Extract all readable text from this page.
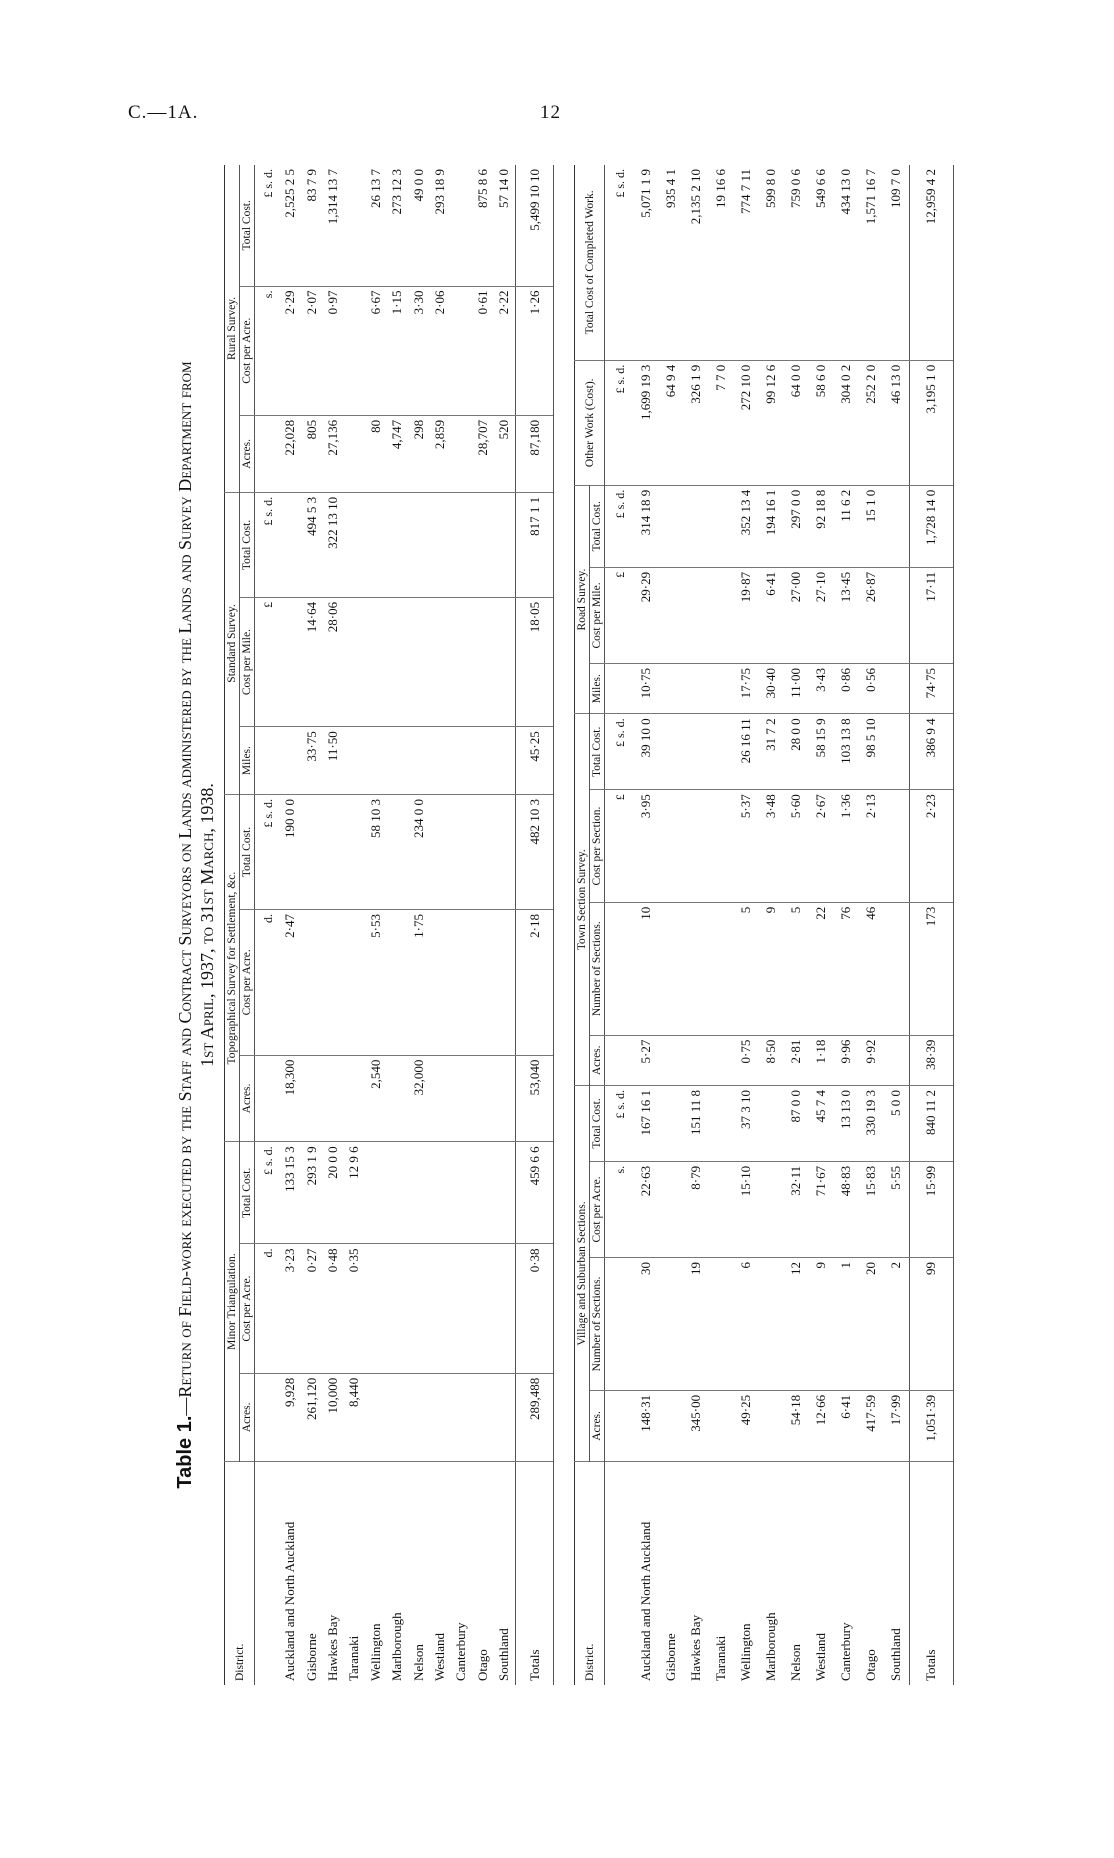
C.—1A.	12
Table 1.—Return of Field-work executed by the Staff and Contract Surveyors on Lands administered by the Lands and Survey Department from 1st April, 1937, to 31st March, 1938.
District.	Minor Triangulation.			Topographical Survey for Settlement, &c.			Standard Survey.			Rural Survey.		
	Acres.	Cost per Acre.	Total Cost.	Acres.	Cost per Acre.	Total Cost.	Miles.	Cost per Mile.	Total Cost.	Acres.	Cost per Acre.	Total Cost.
		d.	£ s. d.		d.	£ s. d.		£	£ s. d.		s.	£ s. d.
Auckland and North Auckland	9,928	3·23	133 15 3	18,300	2·47	190 0 0				22,028	2·29	2,525 2 5
Gisborne	261,120	0·27	293 1 9				33·75	14·64	494 5 3	805	2·07	83 7 9
Hawkes Bay	10,000	0·48	20 0 0				11·50	28·06	322 13 10	27,136	0·97	1,314 13 7
Taranaki	8,440	0·35	12 9 6									
Wellington				2,540	5·53	58 10 3				80	6·67	26 13 7
Marlborough										4,747	1·15	273 12 3
Nelson				32,000	1·75	234 0 0				298	3·30	49 0 0
Westland										2,859	2·06	293 18 9
Canterbury												
Otago										28,707	0·61	875 8 6
Southland										520	2·22	57 14 0
Totals	289,488	0·38	459 6 6	53,040	2·18	482 10 3	45·25	18·05	817 1 1	87,180	1·26	5,499 10 10
District.	Village and Suburban Sections.				Town Section Survey.				Road Survey.			Other Work (Cost).	Total Cost of Completed Work.
	Acres.	Number of Sections.	Cost per Acre.	Total Cost.	Acres.	Number of Sections.	Cost per Section.	Total Cost.	Miles.	Cost per Mile.	Total Cost.		
			s.	£ s. d.			£	£ s. d.		£	£ s. d.	£ s. d.	£ s. d.
Auckland and North Auckland	148·31	30	22·63	167 16 1	5·27	10	3·95	39 10 0	10·75	29·29	314 18 9	1,699 19 3	5,071 1 9
Gisborne												64 9 4	935 4 1
Hawkes Bay	345·00	19	8·79	151 11 8								326 1 9	2,135 2 10
Taranaki												7 7 0	19 16 6
Wellington	49·25	6	15·10	37 3 10	0·75	5	5·37	26 16 11	17·75	19·87	352 13 4	272 10 0	774 7 11
Marlborough					8·50	9	3·48	31 7 2	30·40	6·41	194 16 1	99 12 6	599 8 0
Nelson	54·18	12	32·11	87 0 0	2·81	5	5·60	28 0 0	11·00	27·00	297 0 0	64 0 0	759 0 6
Westland	12·66	9	71·67	45 7 4	1·18	22	2·67	58 15 9	3·43	27·10	92 18 8	58 6 0	549 6 6
Canterbury	6·41	1	48·83	13 13 0	9·96	76	1·36	103 13 8	0·86	13·45	11 6 2	304 0 2	434 13 0
Otago	417·59	20	15·83	330 19 3	9·92	46	2·13	98 5 10	0·56	26·87	15 1 0	252 2 0	1,571 16 7
Southland	17·99	2	5·55	5 0 0								46 13 0	109 7 0
Totals	1,051·39	99	15·99	840 11 2	38·39	173	2·23	386 9 4	74·75	17·11	1,728 14 0	3,195 1 0	12,959 4 2
